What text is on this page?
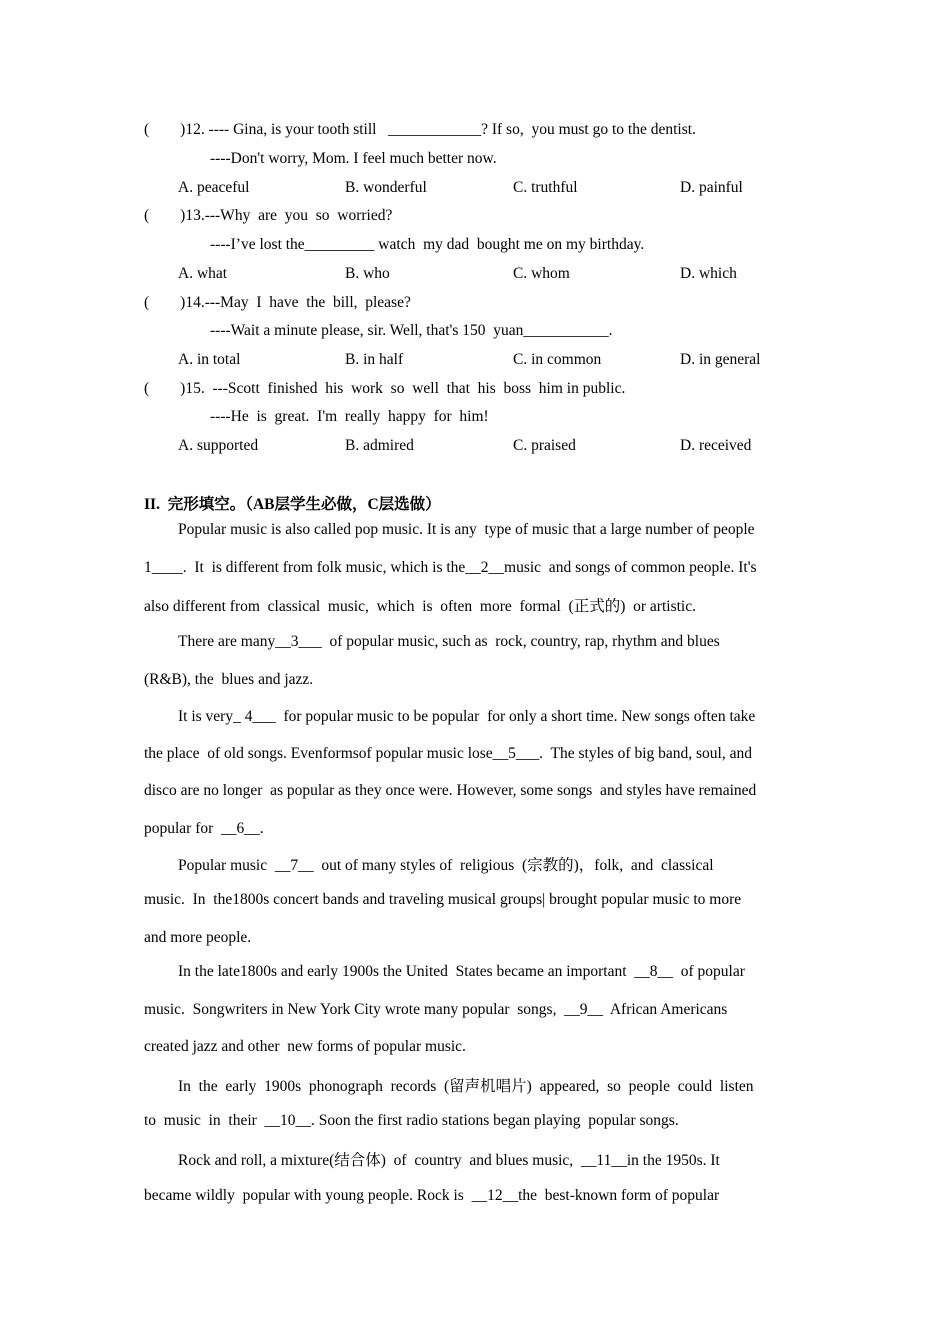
(        )12. ---- Gina, is your tooth still   ____________? If so,  you must go to the dentist.
----Don't worry, Mom. I feel much better now.

A. peaceful

	B. wonderful

	C. truthful

	D. painful

(        )13.---Why  are  you  so  worried?
----I’ve lost the_________ watch  my dad  bought me on my birthday.

A. what

	B. who

	C. whom

	D. which

(        )14.---May  I  have  the  bill,  please?
----Wait a minute please, sir. Well, that's 150  yuan___________.

A. in total

	B. in half

	C. in common

	D. in general

(        )15.  ---Scott  finished  his  work  so  well  that  his  boss  him in public.
----He  is  great.  I'm  really  happy  for  him!

A. supported

	B. admired

	C. praised

	D. received

II.  完形填空。（AB层学生必做，C层选做）
Popular music is also called pop music. It is any  type of music that a large number of people
1____.  It  is different from folk music, which is the__2__music  and songs of common people. It's
also different from  classical  music,  which  is  often  more  formal  (正式的)  or artistic.
There are many__3___  of popular music, such as  rock, country, rap, rhythm and blues
(R&B), the  blues and jazz.
It is very_ 4___  for popular music to be popular  for only a short time. New songs often take
the place  of old songs. Evenformsof popular music lose__5___.  The styles of big band, soul, and
disco are no longer  as popular as they once were. However, some songs  and styles have remained
popular for  __6__.
Popular music  __7__  out of many styles of  religious  (宗教的)，folk,  and  classical
music.  In  the1800s concert bands and traveling musical groups| brought popular music to more
and more people.
In the late1800s and early 1900s the United  States became an important  __8__  of popular
music.  Songwriters in New York City wrote many popular  songs,  __9__  African Americans
created jazz and other  new forms of popular music.
In  the  early  1900s  phonograph  records  (留声机唱片)  appeared,  so  people  could  listen
to  music  in  their  __10__. Soon the first radio stations began playing  popular songs.
Rock and roll, a mixture(结合体)  of  country  and blues music,  __11__in the 1950s. It
became wildly  popular with young people. Rock is  __12__the  best-known form of popular
